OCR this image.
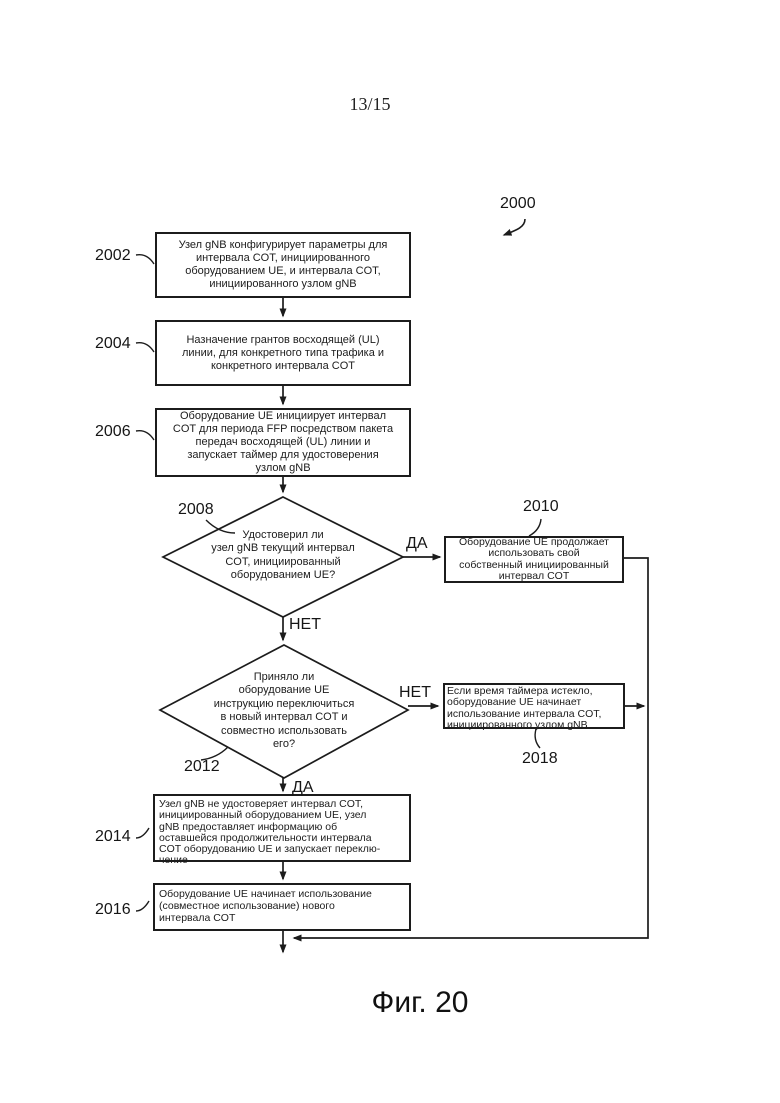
13/15
2000
Узел gNB конфигурирует параметры для
интервала COT, инициированного
оборудованием UE, и интервала COT,
инициированного узлом gNB
Назначение грантов восходящей (UL)
линии, для конкретного типа трафика и
конкретного интервала COT
Оборудование UE инициирует интервал
COT для периода FFP посредством пакета
передач восходящей (UL) линии и
запускает таймер для удостоверения
узлом gNB
Оборудование UE продолжает
использовать свой
собственный инициированный
интервал COT
Если время таймера истекло,
оборудование UE начинает
использование интервала COT,
инициированного узлом gNB
Узел gNB не удостоверяет интервал COT,
инициированный оборудованием UE, узел
gNB предоставляет информацию об
оставшейся продолжительности интервала
COT оборудованию UE и запускает переклю-
чение
Оборудование UE начинает использование
(совместное использование) нового
интервала COT
Удостоверил ли
узел gNB текущий интервал
COT, инициированный
оборудованием UE?
Приняло ли
оборудование UE
инструкцию переключиться
в новый интервал COT и
совместно использовать
его?
2002
2004
2006
2008	2010
2012
2014
2016
2018
ДА
НЕТ
НЕТ
ДА
Фиг. 20
